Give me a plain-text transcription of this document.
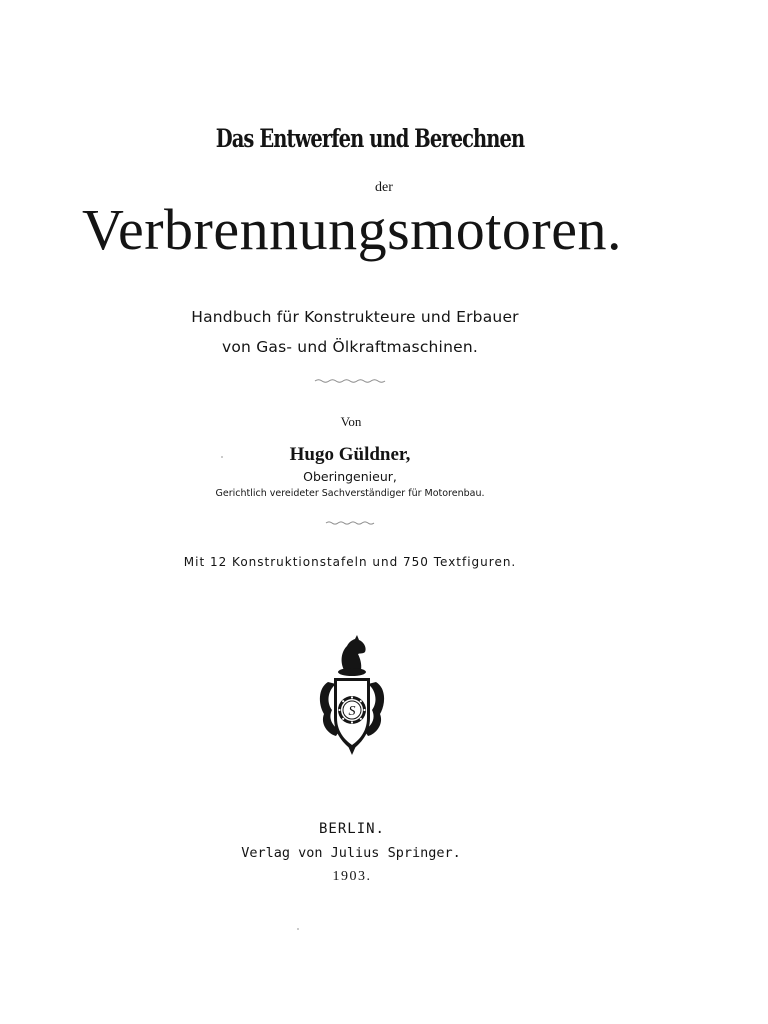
Das Entwerfen und Berechnen
der
Verbrennungsmotoren.
Handbuch für Konstrukteure und Erbauer
von Gas- und Ölkraftmaschinen.
Von
Hugo Güldner,
Oberingenieur,
Gerichtlich vereideter Sachverständiger für Motorenbau.
Mit 12 Konstruktionstafeln und 750 Textfiguren.
S
BERLIN.
Verlag von Julius Springer.
1903.
